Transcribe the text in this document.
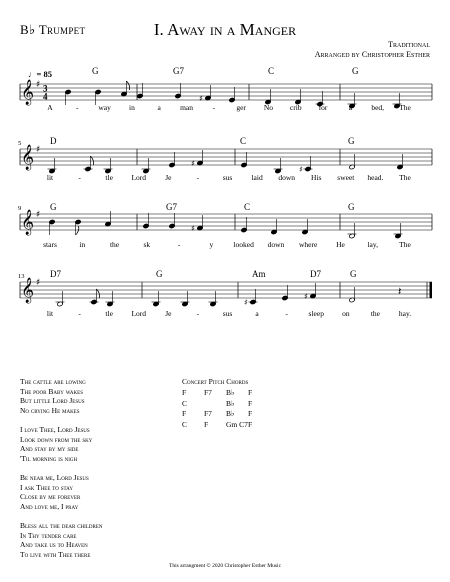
B♭ Trumpet	I. Away in a Manger
Traditional
Arranged by Christopher Esther
♩= 85
𝄞 ♯ 3
4	♯
𝄞 ♯
♯
♯
𝄞 ♯
♯
𝄞 ♯
♯
♯	𝄽
G	G7	C	G
A	-	way in	a	man	-	ger No crib for	a	bed, The
D	C	G
5
lit	-	tle Lord	Je	-	sus	laid down His sweet head. The
G	G7	C	G
9
stars	in	the	sk	-	y	looked down where He	lay,	The
D7	G	Am	D7	G
13
lit	-	tle Lord	Je	-	sus	a	-	sleep on	the	hay.
The cattle are lowing
The poor Baby wakes
But little Lord Jesus
No crying He makes
I love Thee, Lord Jesus
Look down from the sky
And stay by my side
'Til morning is nigh
Be near me, Lord Jesus
I ask Thee to stay
Close by me forever
And love me, I pray
Bless all the dear children
In Thy tender care
And take us to Heaven
To live with Thee there
Concert Pitch Chords
F	F7	B♭	F
C		B♭	F
F	F7	B♭	F
C	F	Gm C7	F
This arrangment © 2020 Christopher Esther Music
